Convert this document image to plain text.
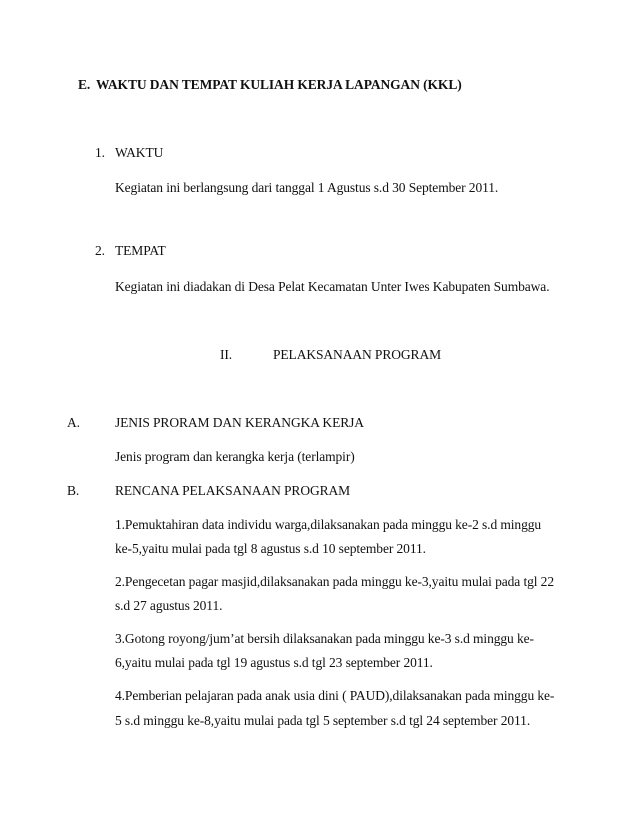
E. WAKTU DAN TEMPAT KULIAH KERJA LAPANGAN (KKL)
1. WAKTU
Kegiatan ini berlangsung dari tanggal 1 Agustus s.d 30 September 2011.
2. TEMPAT
Kegiatan ini diadakan di Desa Pelat Kecamatan Unter Iwes Kabupaten Sumbawa.
II.	PELAKSANAAN PROGRAM
A.	JENIS PRORAM DAN KERANGKA KERJA
Jenis program dan kerangka kerja (terlampir)
B.	RENCANA PELAKSANAAN PROGRAM
1.Pemuktahiran data individu warga,dilaksanakan pada minggu ke-2 s.d minggu
ke-5,yaitu mulai pada tgl 8 agustus s.d 10 september 2011.
2.Pengecetan pagar masjid,dilaksanakan pada minggu ke-3,yaitu mulai pada tgl 22
s.d 27 agustus 2011.
3.Gotong royong/jum’at bersih dilaksanakan pada minggu ke-3 s.d minggu ke-
6,yaitu mulai pada tgl 19 agustus s.d tgl 23 september 2011.
4.Pemberian pelajaran pada anak usia dini ( PAUD),dilaksanakan pada minggu ke-
5 s.d minggu ke-8,yaitu mulai pada tgl 5 september s.d tgl 24 september 2011.
